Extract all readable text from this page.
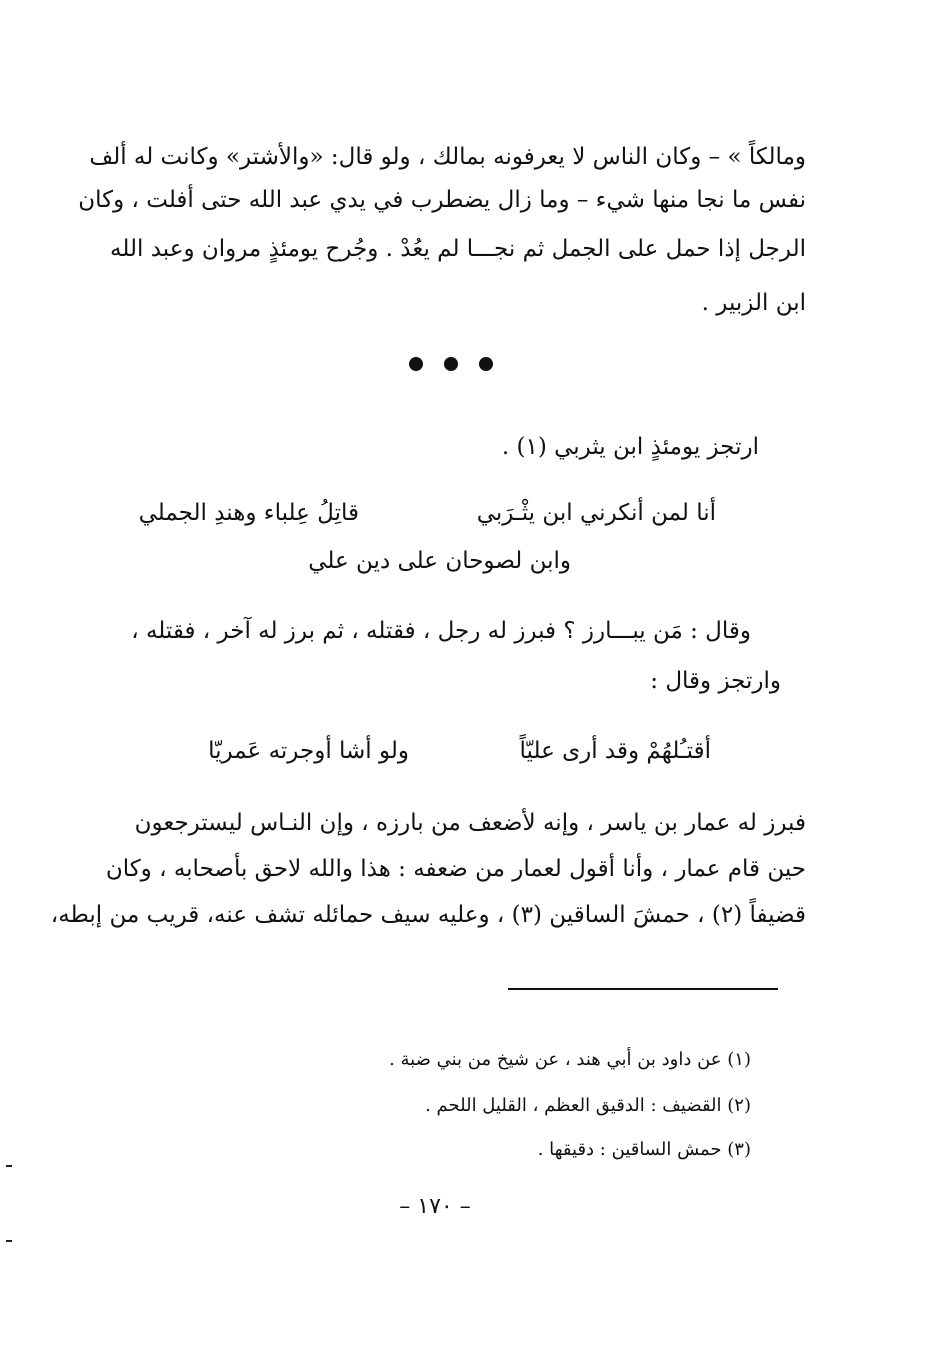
ومالكاً » – وكان الناس لا يعرفونه بمالك ، ولو قال: «والأشتر» وكانت له ألف
نفس ما نجا منها شيء – وما زال يضطرب في يدي عبد الله حتى أفلت ، وكان
الرجل إذا حمل على الجمل ثم نجـــا لم يعُدْ . وجُرح يومئذٍ مروان وعبد الله
ابن الزبير .
ارتجز يومئذٍ ابن يثربي (١) .
أنا لمن أنكرني ابن يثْـرَبي
قاتِلُ عِلباء وهندِ الجملي
وابن لصوحان على دين علي
وقال : مَن يبـــارز ؟ فبرز له رجل ، فقتله ، ثم برز له آخر ، فقتله ،
وارتجز وقال :
أقتـُلهُمْ وقد أرى عليّاً
ولو أشا أوجرته عَمريّا
فبرز له عمار بن ياسر ، وإنه لأضعف من بارزه ، وإن النـاس ليسترجعون
حين قام عمار ، وأنا أقول لعمار من ضعفه : هذا والله لاحق بأصحابه ، وكان
قضيفاً (٢) ، حمشَ الساقين (٣) ، وعليه سيف حمائله تشف عنه، قريب من إبطه،
(١) عن داود بن أبي هند ، عن شيخ من بني ضبة .
(٢) القضيف : الدقيق العظم ، القليل اللحم .
(٣) حمش الساقين : دقيقها .
– ١٧٠ –
